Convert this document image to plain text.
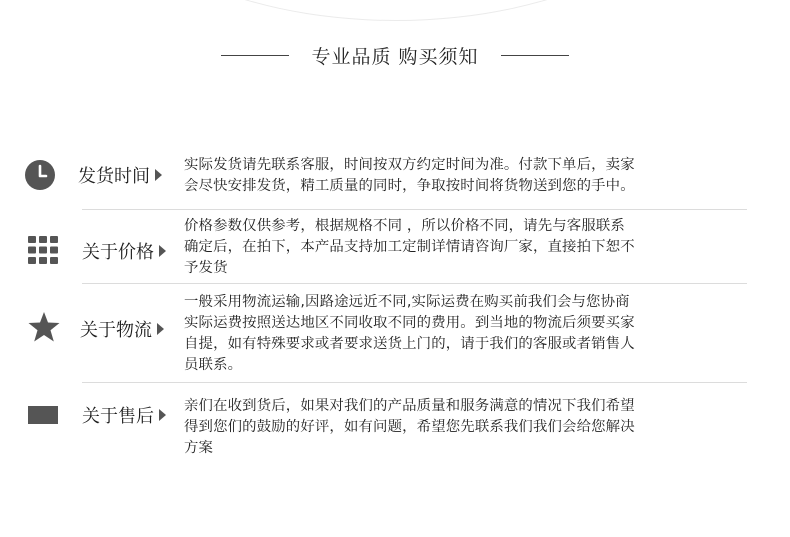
专业品质 购买须知
发货时间
实际发货请先联系客服，时间按双方约定时间为准。付款下单后，卖家
会尽快安排发货，精工质量的同时，争取按时间将货物送到您的手中。
关于价格
价格参数仅供参考，根据规格不同 ，所以价格不同，请先与客服联系
确定后，在拍下，本产品支持加工定制详情请咨询厂家，直接拍下恕不
予发货
关于物流
一般采用物流运输,因路途远近不同,实际运费在购买前我们会与您协商
实际运费按照送达地区不同收取不同的费用。到当地的物流后须要买家
自提，如有特殊要求或者要求送货上门的，请于我们的客服或者销售人
员联系。
关于售后 亲们在收到货后，如果对我们的产品质量和服务满意的情况下我们希望
得到您们的鼓励的好评，如有问题，希望您先联系我们我们会给您解决
方案
